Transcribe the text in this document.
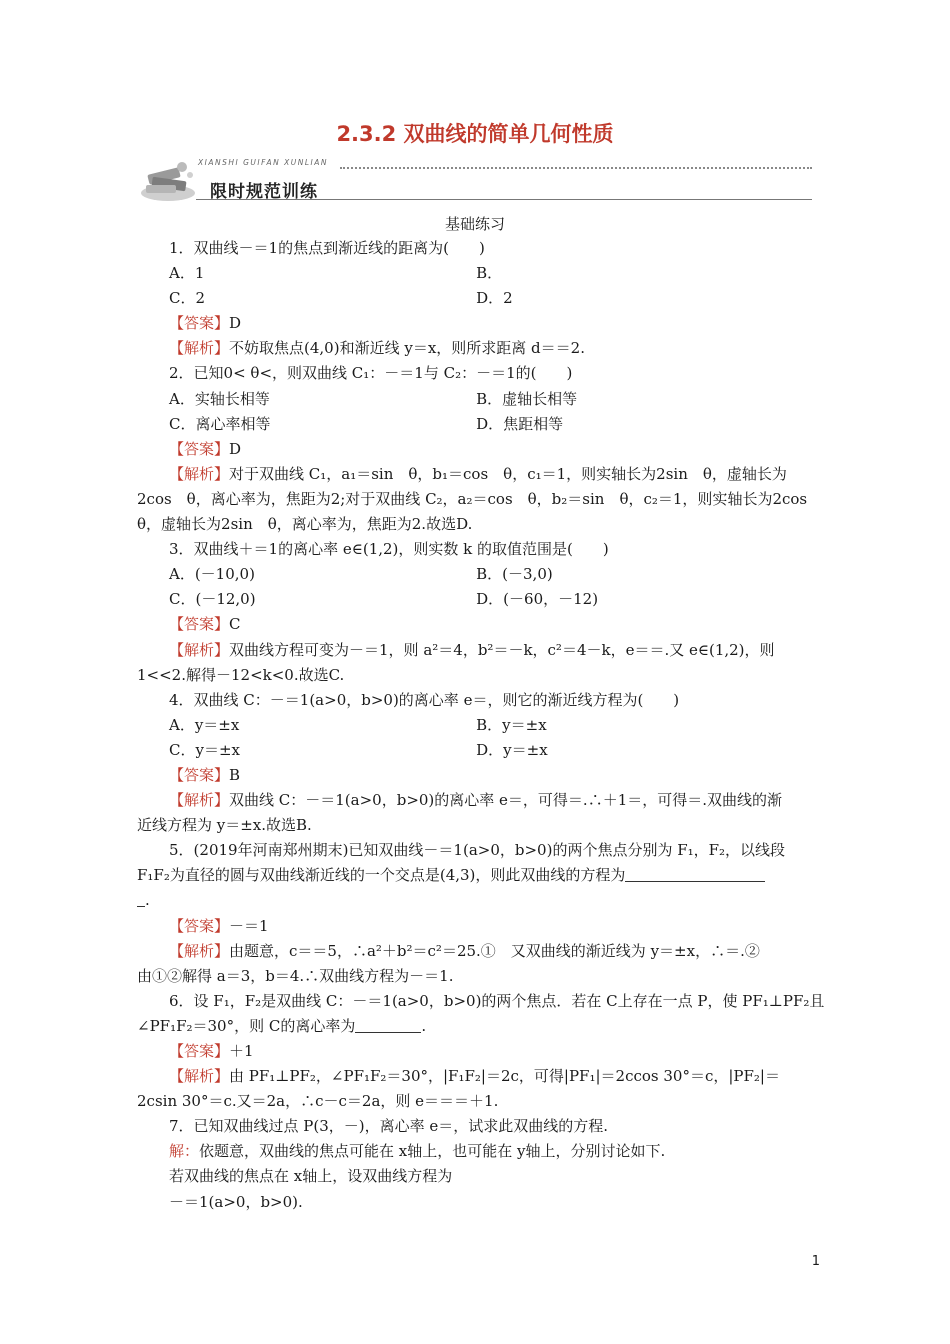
2.3.2 双曲线的简单几何性质
XIANSHI GUIFAN XUNLIAN
限时规范训练
基础练习
1．双曲线－＝1的焦点到渐近线的距离为(　　)
A．1	B．
C．2	D．2
【答案】D
【解析】不妨取焦点(4,0)和渐近线 y＝x，则所求距离 d＝＝2.
2．已知0< θ<，则双曲线 C₁：－＝1与 C₂：－＝1的(　　)
A．实轴长相等	B．虚轴长相等
C．离心率相等	D．焦距相等
【答案】D
【解析】对于双曲线 C₁，a₁＝sin　θ，b₁＝cos　θ，c₁＝1，则实轴长为2sin　θ，虚轴长为
2cos　θ，离心率为，焦距为2;对于双曲线 C₂，a₂＝cos　θ，b₂＝sin　θ，c₂＝1，则实轴长为2cos
θ，虚轴长为2sin　θ，离心率为，焦距为2.故选D.
3．双曲线＋＝1的离心率 e∈(1,2)，则实数 k 的取值范围是(　　)
A．(－10,0)	B．(－3,0)
C．(－12,0)	D．(－60，－12)
【答案】C
【解析】双曲线方程可变为－＝1，则 a²＝4，b²＝－k，c²＝4－k，e＝＝.又 e∈(1,2)，则
1<<2.解得－12<k<0.故选C.
4．双曲线 C：－＝1(a>0，b>0)的离心率 e＝，则它的渐近线方程为(　　)
A．y＝±x	B．y＝±x
C．y＝±x	D．y＝±x
【答案】B
【解析】双曲线 C：－＝1(a>0，b>0)的离心率 e＝，可得＝.∴＋1＝，可得＝.双曲线的渐
近线方程为 y＝±x.故选B.
5．(2019年河南郑州期末)已知双曲线－＝1(a>0，b>0)的两个焦点分别为 F₁，F₂，以线段
F₁F₂为直径的圆与双曲线渐近线的一个交点是(4,3)，则此双曲线的方程为
.
【答案】－＝1
【解析】由题意，c＝＝5，∴a²＋b²＝c²＝25.①　又双曲线的渐近线为 y＝±x，∴＝.②
由①②解得 a＝3，b＝4.∴双曲线方程为－＝1.
6．设 F₁，F₂是双曲线 C：－＝1(a>0，b>0)的两个焦点．若在 C上存在一点 P，使 PF₁⊥PF₂且
∠PF₁F₂＝30°，则 C的离心率为	.
【答案】＋1
【解析】由 PF₁⊥PF₂，∠PF₁F₂＝30°，|F₁F₂|＝2c，可得|PF₁|＝2ccos 30°＝c，|PF₂|＝
2csin 30°＝c.又＝2a，∴c－c＝2a，则 e＝＝＝＋1.
7．已知双曲线过点 P(3，－)，离心率 e＝，试求此双曲线的方程.
解：依题意，双曲线的焦点可能在 x轴上，也可能在 y轴上，分别讨论如下.
若双曲线的焦点在 x轴上，设双曲线方程为
－＝1(a>0，b>0).
1
